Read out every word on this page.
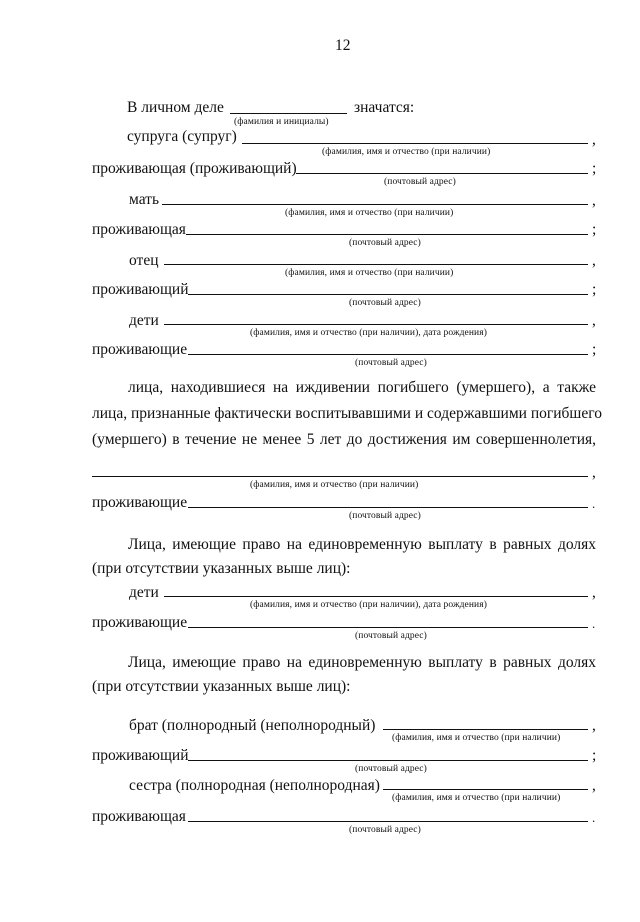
12
В личном деле	значатся:
(фамилия и инициалы)
супруга (супруг)	,
(фамилия, имя и отчество (при наличии)
проживающая (проживающий)	;
(почтовый адрес)
мать	,
(фамилия, имя и отчество (при наличии)
проживающая	;
(почтовый адрес)
отец	,
(фамилия, имя и отчество (при наличии)
проживающий	;
(почтовый адрес)
дети	,
(фамилия, имя и отчество (при наличии), дата рождения)
проживающие	;
(почтовый адрес)
лица, находившиеся на иждивении погибшего (умершего), а также
лица, признанные фактически воспитывавшими и содержавшими погибшего
(умершего) в течение не менее 5 лет до достижения им совершеннолетия,
,
(фамилия, имя и отчество (при наличии)
проживающие	.
(почтовый адрес)
Лица, имеющие право на единовременную выплату в равных долях
(при отсутствии указанных выше лиц):
дети	,
(фамилия, имя и отчество (при наличии), дата рождения)
проживающие	.
(почтовый адрес)
Лица, имеющие право на единовременную выплату в равных долях
(при отсутствии указанных выше лиц):
брат (полнородный (неполнородный)	,
(фамилия, имя и отчество (при наличии)
проживающий	;
(почтовый адрес)
сестра (полнородная (неполнородная)	,
(фамилия, имя и отчество (при наличии)
проживающая	.
(почтовый адрес)
